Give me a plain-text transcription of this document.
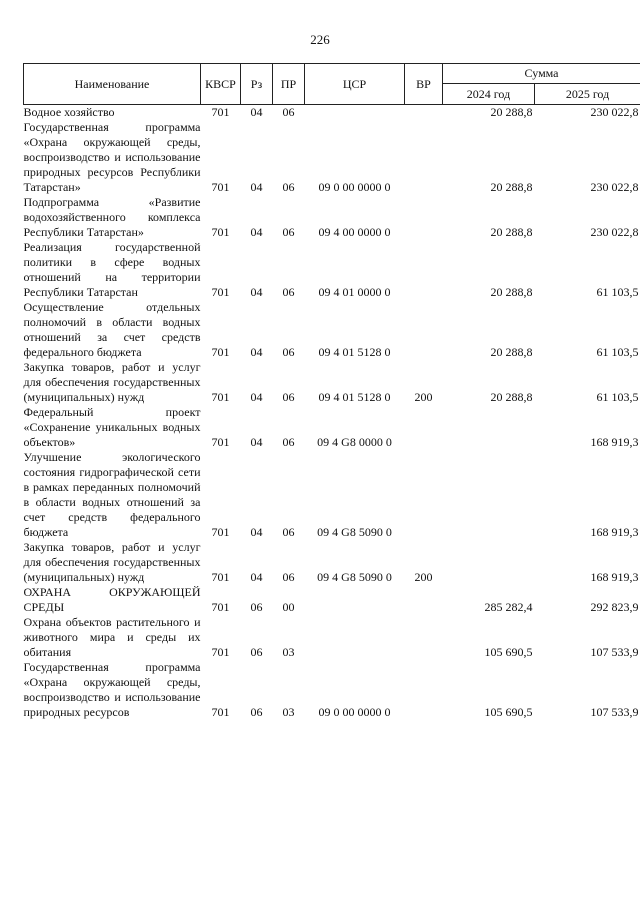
226
Наименование	КВСР	Рз	ПР	ЦСР	ВР	Сумма	
						2024 год	2025 год
Водное хозяйство	701	04	06			20 288,8	230 022,8
Государственная программа «Охрана окружающей среды, воспроизводство и использование природных ресурсов Республики Татарстан»	701	04	06	09 0 00 0000 0		20 288,8	230 022,8
Подпрограмма «Развитие водохозяйственного комплекса Республики Татарстан»	701	04	06	09 4 00 0000 0		20 288,8	230 022,8
Реализация государственной политики в сфере водных отношений на территории Республики Татарстан	701	04	06	09 4 01 0000 0		20 288,8	61 103,5
Осуществление отдельных полномочий в области водных отношений за счет средств федерального бюджета	701	04	06	09 4 01 5128 0		20 288,8	61 103,5
Закупка товаров, работ и услуг для обеспечения государственных (муниципальных) нужд	701	04	06	09 4 01 5128 0	200	20 288,8	61 103,5
Федеральный проект «Сохранение уникальных водных объектов»	701	04	06	09 4 G8 0000 0			168 919,3
Улучшение экологического состояния гидрографической сети в рамках переданных полномочий в области водных отношений за счет средств федерального бюджета	701	04	06	09 4 G8 5090 0			168 919,3
Закупка товаров, работ и услуг для обеспечения государственных (муниципальных) нужд	701	04	06	09 4 G8 5090 0	200		168 919,3
ОХРАНА ОКРУЖАЮЩЕЙ СРЕДЫ	701	06	00			285 282,4	292 823,9
Охрана объектов растительного и животного мира и среды их обитания	701	06	03			105 690,5	107 533,9
Государственная программа «Охрана окружающей среды, воспроизводство и использование природных ресурсов	701	06	03	09 0 00 0000 0		105 690,5	107 533,9
